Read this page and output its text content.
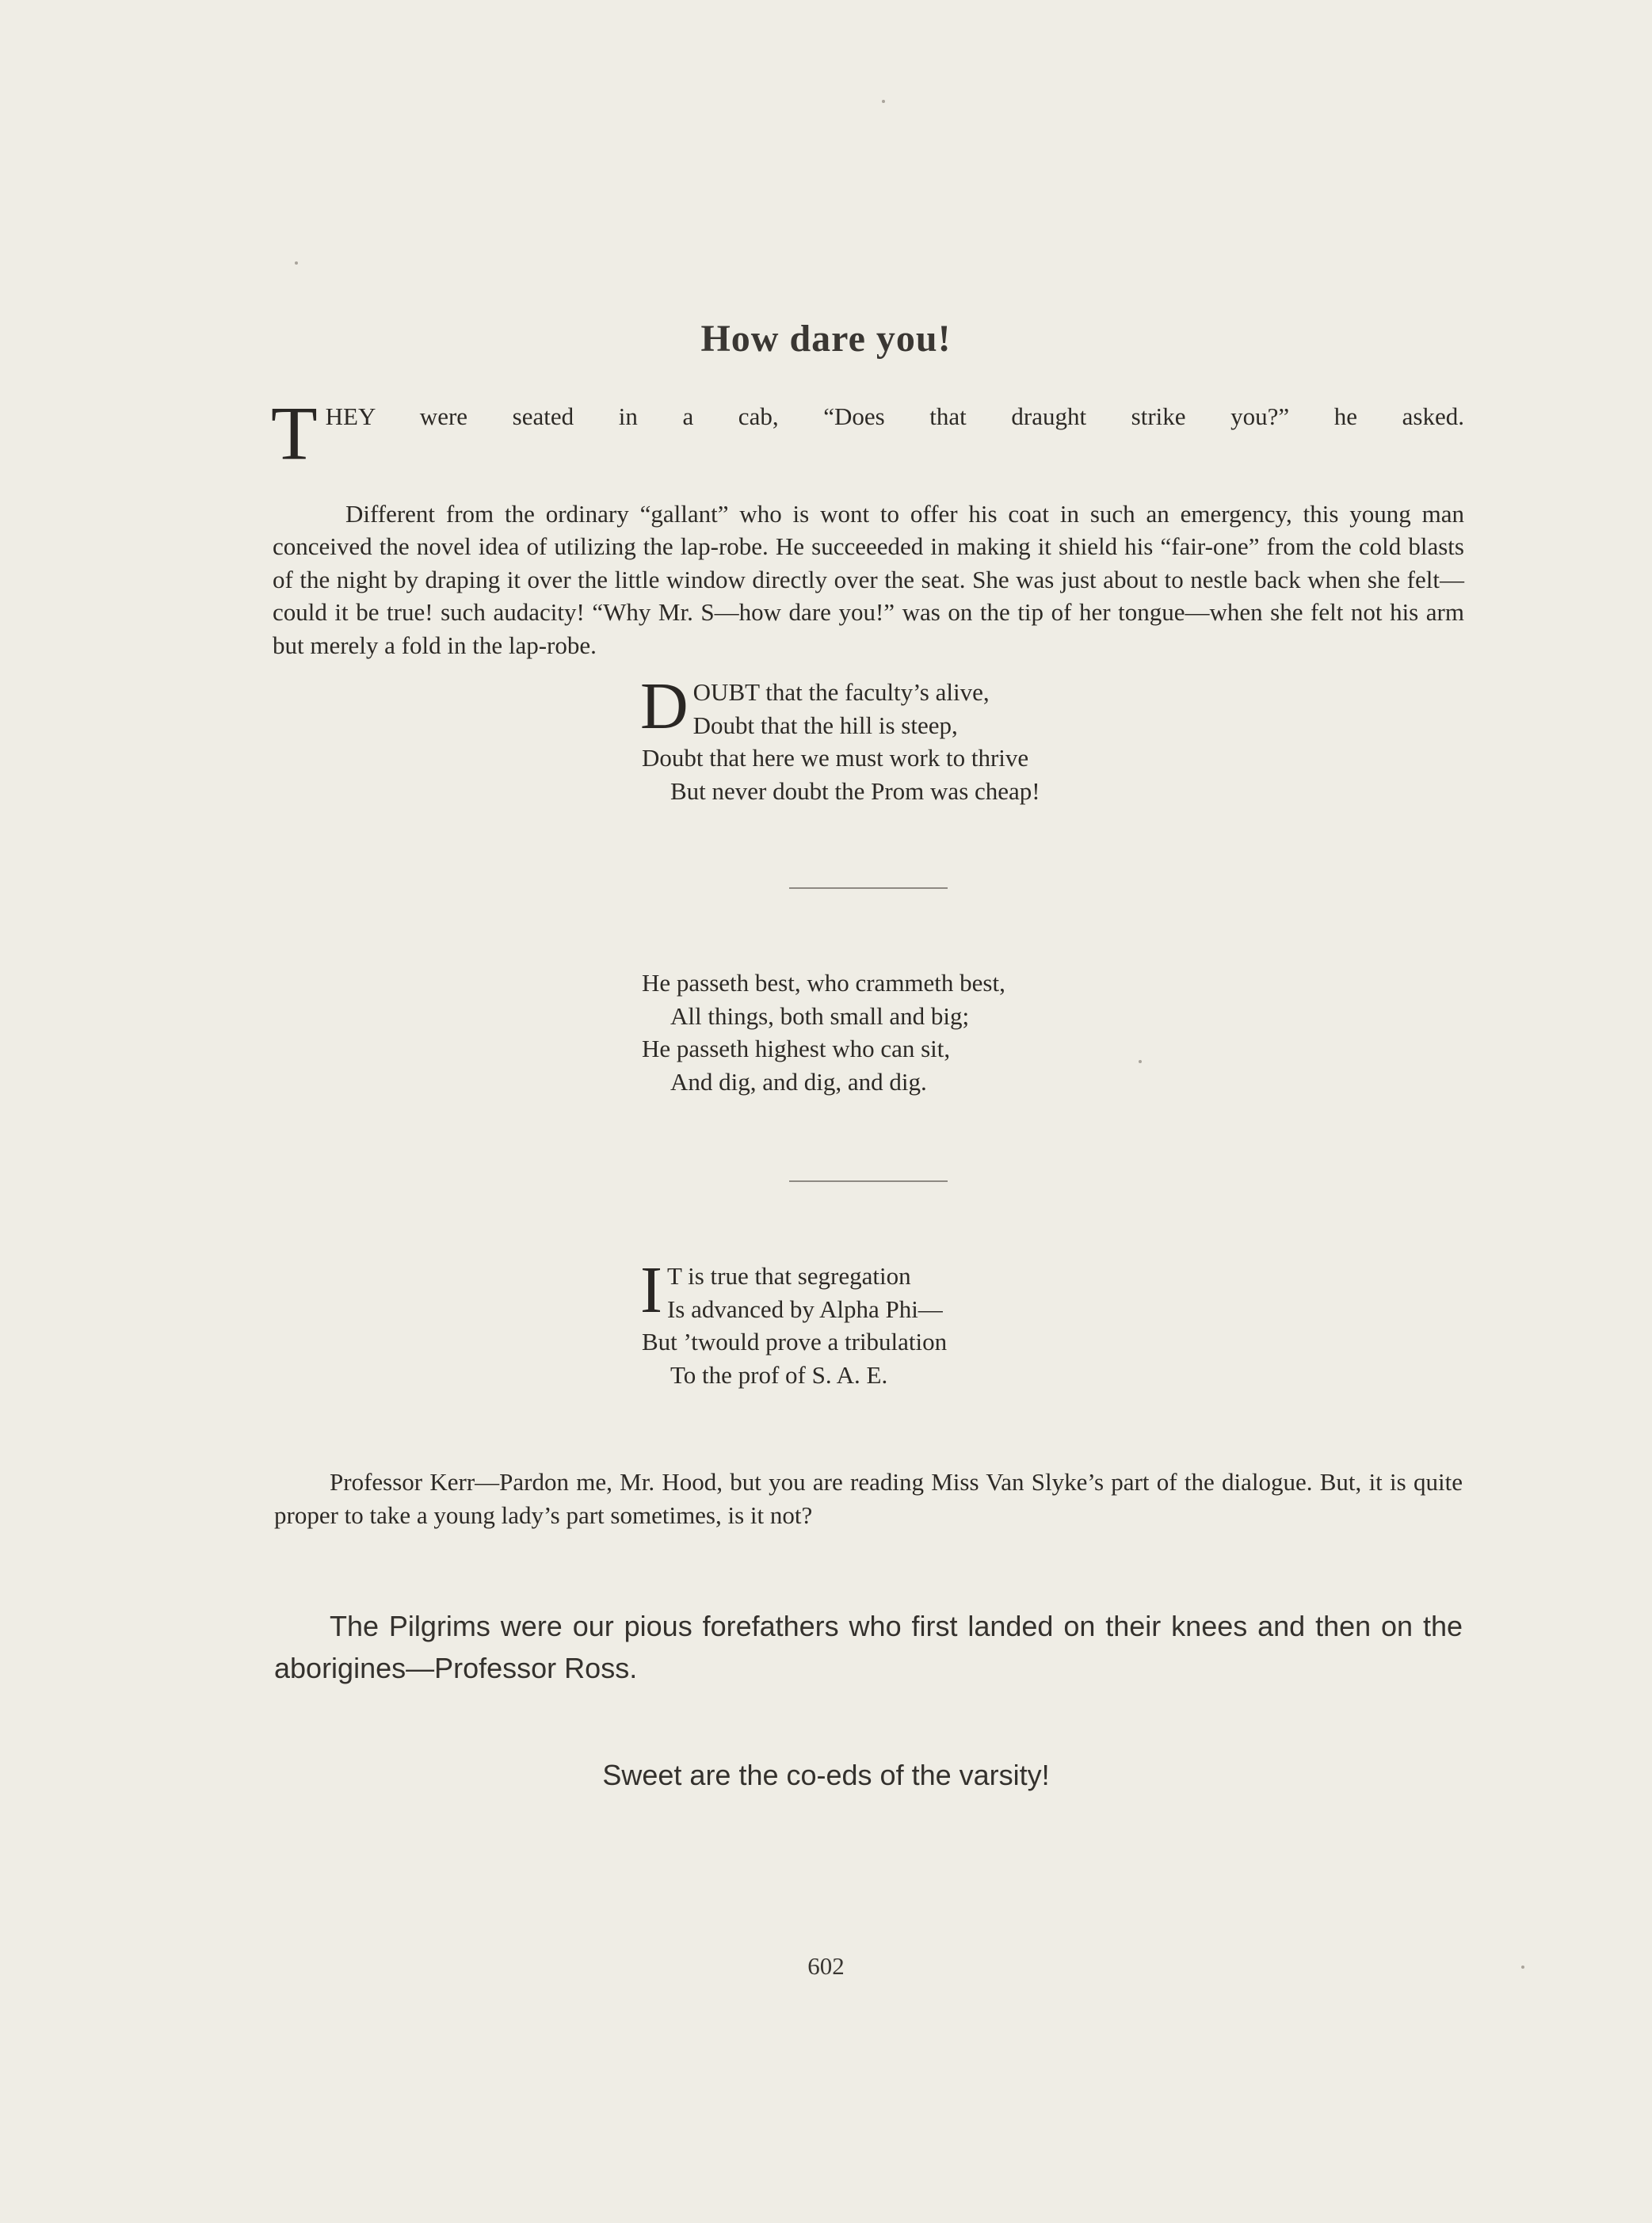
How dare you!
T HEY were seated in a cab, “Does that draught strike you?” he asked.

Different from the ordinary “gallant” who is wont to offer his coat in such an emergency, this young man conceived the novel idea of utilizing the lap-robe. He succeeeded in making it shield his “fair-one” from the cold blasts of the night by draping it over the little window directly over the seat. She was just about to nestle back when she felt—could it be true! such audacity! “Why Mr. S—how dare you!” was on the tip of her tongue—when she felt not his arm but merely a fold in the lap-robe.

D OUBT that the faculty’s alive,
Doubt that the hill is steep,
Doubt that here we must work to thrive
But never doubt the Prom was cheap!
He passeth best, who crammeth best,
All things, both small and big;
He passeth highest who can sit,
And dig, and dig, and dig.
I T is true that segregation
Is advanced by Alpha Phi—
But ’twould prove a tribulation
To the prof of S. A. E.

Professor Kerr—Pardon me, Mr. Hood, but you are reading Miss Van Slyke’s part of the dialogue. But, it is quite proper to take a young lady’s part sometimes, is it not?

The Pilgrims were our pious forefathers who first landed on their knees and then on the aborigines—Professor Ross.

Sweet are the co-eds of the varsity!

602
